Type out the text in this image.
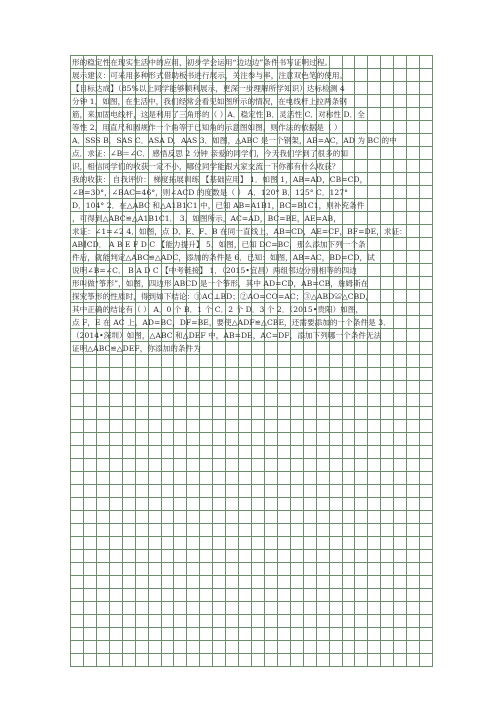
形的稳定性在现实生活中的应用，初步学会运用“边边边”条件书写证明过程。
展示建议：可采用多种形式借助板书进行展示，关注参与率，注意双色笔的使用。
【目标达成】（85%以上同学能够顺利展示，更深一步理解所学知识）达标检测 4
分钟 1．如图，在生活中，我们经常会看见如图所示的情况，在电线杆上拉两条钢
筋，来加固电线杆，这是利用了三角形的（ ）A．稳定性 B．灵活性 C．对称性 D．全
等性 2．用直尺和圆规作一个角等于已知角的示意图如图，则作法的依据是（ ）
A．SSS B．SAS C．ASA D．AAS 3．如图，△ABC 是一个钢架，AB=AC，AD 为 BC 的中
点．求证：∠B＝∠C． 感悟反思 2 分钟 亲爱的同学们，今天我们学到了很多的知
识，相信同学们的收获一定不小，哪位同学能跟大家交流一下你都有什么收获？
我的收获： 自我评价： 梯度拓展训练 【基础应用】 1．如图 1，AB=AD，CB=CD，
∠B=30°，∠BAC=46°，则∠ACD 的度数是（ ） A．120° B．125° C．127°
D．104° 2．在△ABC 和△A1B1C1 中，已知 AB=A1B1，BC=B1C1，则补充条件
，可得到△ABC≌△A1B1C1． 3．如图所示，AC=AD，BC=BE，AE=AB，
求证：∠1=∠2 4．如图，点 D、E、F、B 在同一直线上，AB=CD，AE=CF，BF=DE，求证：
AB∥CD． A B E F D C 【能力提升】 5．如图，已知 DC=BC，那么添加下列一个条
件后，就能判定△ABC≌△ADC，添加的条件是 6．已知：如图，AB=AC，BD=CD，试
说明∠B=∠C． B A D C 【中考链接】 1．（2015•宜昌）两组邻边分别相等的四边
形叫做“筝形”，如图，四边形 ABCD 是一个筝形，其中 AD=CD，AB=CB，詹姆斯在
探究筝形的性质时，得到如下结论：①AC⊥BD；②AO=CO=AC；③△ABD≌△CBD，
其中正确的结论有（ ） A．0 个 B．1 个 C．2 个 D．3 个 2．（2015•贵阳）如图，
点 F，E 在 AC 上，AD=BC，DF=BE，要使△ADF≌△CBE，还需要添加的一个条件是 3．
（2014•深圳）如图，△ABC 和△DEF 中，AB=DE，AC=DF，添加下列哪一个条件无法
证明△ABC≌△DEF，你添加的条件为
